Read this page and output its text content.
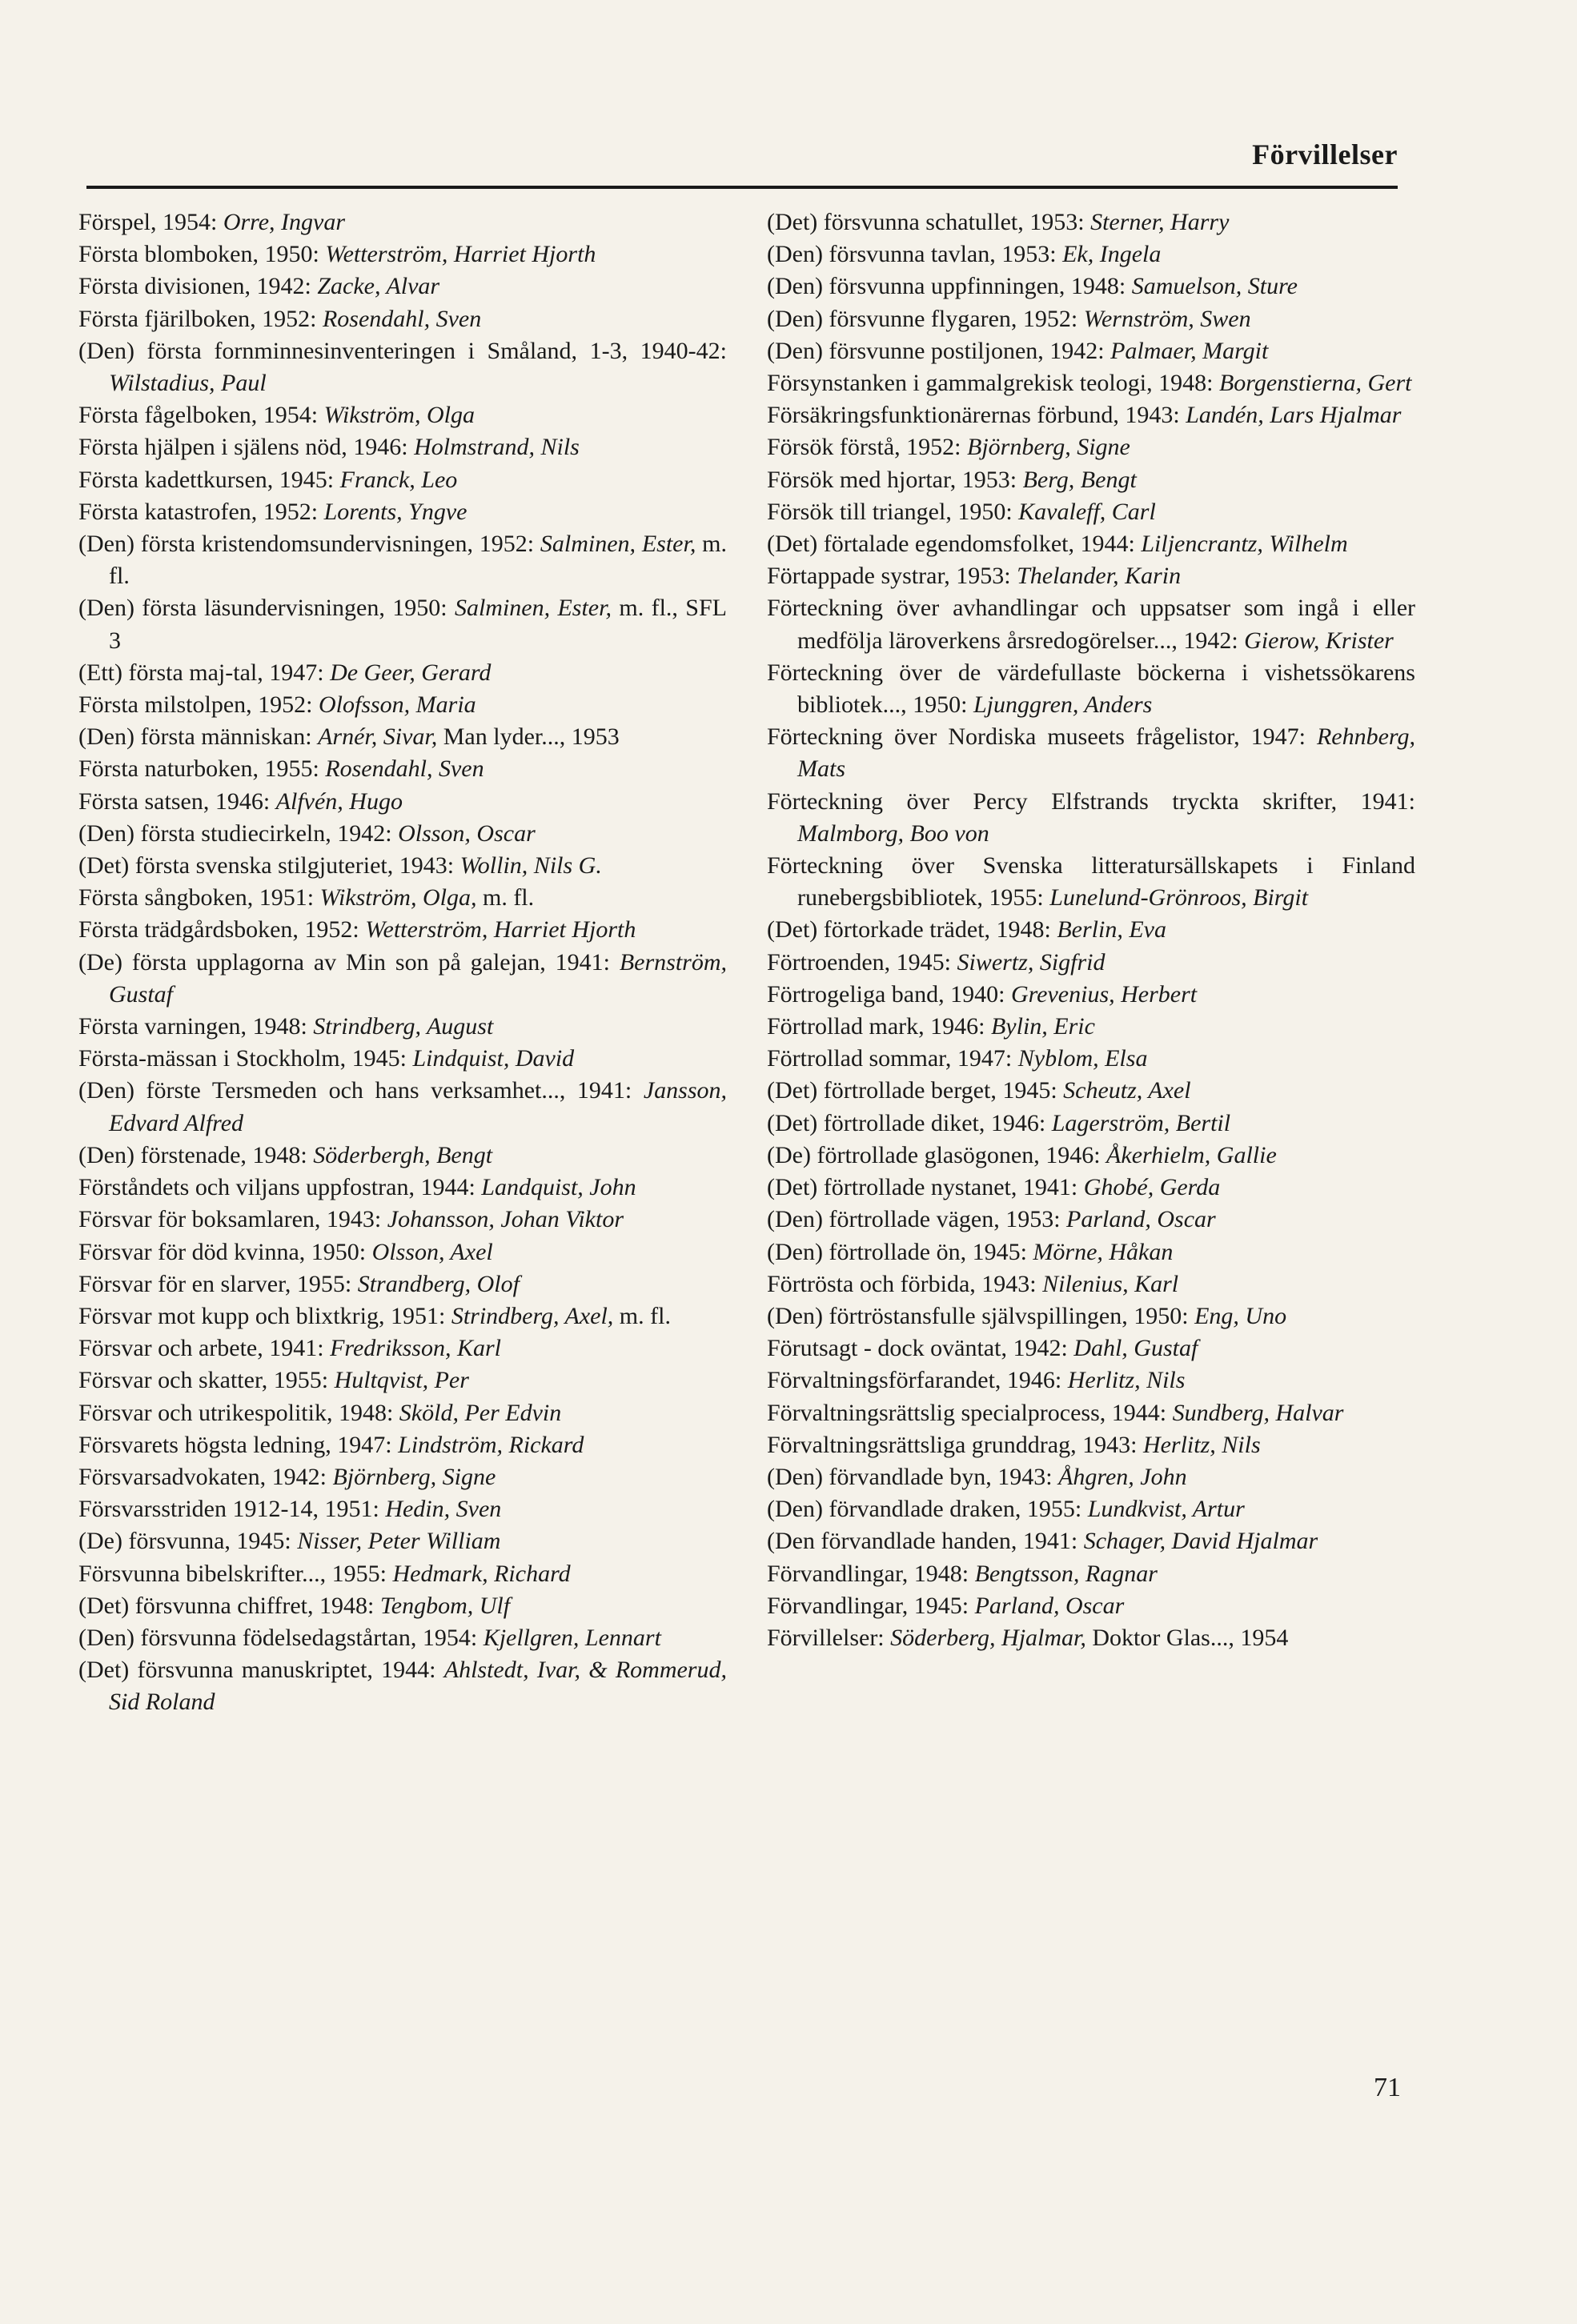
Förvillelser
Förspel, 1954: Orre, Ingvar
Första blomboken, 1950: Wetterström, Harriet Hjorth
Första divisionen, 1942: Zacke, Alvar
Första fjärilboken, 1952: Rosendahl, Sven
(Den) första fornminnesinventeringen i Småland, 1-3, 1940-42: Wilstadius, Paul
Första fågelboken, 1954: Wikström, Olga
Första hjälpen i själens nöd, 1946: Holmstrand, Nils
Första kadettkursen, 1945: Franck, Leo
Första katastrofen, 1952: Lorents, Yngve
(Den) första kristendomsundervisningen, 1952: Salminen, Ester, m. fl.
(Den) första läsundervisningen, 1950: Salminen, Ester, m. fl., SFL 3
(Ett) första maj-tal, 1947: De Geer, Gerard
Första milstolpen, 1952: Olofsson, Maria
(Den) första människan: Arnér, Sivar, Man lyder..., 1953
Första naturboken, 1955: Rosendahl, Sven
Första satsen, 1946: Alfvén, Hugo
(Den) första studiecirkeln, 1942: Olsson, Oscar
(Det) första svenska stilgjuteriet, 1943: Wollin, Nils G.
Första sångboken, 1951: Wikström, Olga, m. fl.
Första trädgårdsboken, 1952: Wetterström, Harriet Hjorth
(De) första upplagorna av Min son på galejan, 1941: Bernström, Gustaf
Första varningen, 1948: Strindberg, August
Första-mässan i Stockholm, 1945: Lindquist, David
(Den) förste Tersmeden och hans verksamhet..., 1941: Jansson, Edvard Alfred
(Den) förstenade, 1948: Söderbergh, Bengt
Förståndets och viljans uppfostran, 1944: Landquist, John
Försvar för boksamlaren, 1943: Johansson, Johan Viktor
Försvar för död kvinna, 1950: Olsson, Axel
Försvar för en slarver, 1955: Strandberg, Olof
Försvar mot kupp och blixtkrig, 1951: Strindberg, Axel, m. fl.
Försvar och arbete, 1941: Fredriksson, Karl
Försvar och skatter, 1955: Hultqvist, Per
Försvar och utrikespolitik, 1948: Sköld, Per Edvin
Försvarets högsta ledning, 1947: Lindström, Rickard
Försvarsadvokaten, 1942: Björnberg, Signe
Försvarsstriden 1912-14, 1951: Hedin, Sven
(De) försvunna, 1945: Nisser, Peter William
Försvunna bibelskrifter..., 1955: Hedmark, Richard
(Det) försvunna chiffret, 1948: Tengbom, Ulf
(Den) försvunna födelsedagstårtan, 1954: Kjellgren, Lennart
(Det) försvunna manuskriptet, 1944: Ahlstedt, Ivar, & Rommerud, Sid Roland
(Det) försvunna schatullet, 1953: Sterner, Harry
(Den) försvunna tavlan, 1953: Ek, Ingela
(Den) försvunna uppfinningen, 1948: Samuelson, Sture
(Den) försvunne flygaren, 1952: Wernström, Swen
(Den) försvunne postiljonen, 1942: Palmaer, Margit
Försynstanken i gammalgrekisk teologi, 1948: Borgenstierna, Gert
Försäkringsfunktionärernas förbund, 1943: Landén, Lars Hjalmar
Försök förstå, 1952: Björnberg, Signe
Försök med hjortar, 1953: Berg, Bengt
Försök till triangel, 1950: Kavaleff, Carl
(Det) förtalade egendomsfolket, 1944: Liljencrantz, Wilhelm
Förtappade systrar, 1953: Thelander, Karin
Förteckning över avhandlingar och uppsatser som ingå i eller medfölja läroverkens årsredogörelser..., 1942: Gierow, Krister
Förteckning över de värdefullaste böckerna i vishetssökarens bibliotek..., 1950: Ljunggren, Anders
Förteckning över Nordiska museets frågelistor, 1947: Rehnberg, Mats
Förteckning över Percy Elfstrands tryckta skrifter, 1941: Malmborg, Boo von
Förteckning över Svenska litteratursällskapets i Finland runebergsbibliotek, 1955: Lunelund-Grönroos, Birgit
(Det) förtorkade trädet, 1948: Berlin, Eva
Förtroenden, 1945: Siwertz, Sigfrid
Förtrogeliga band, 1940: Grevenius, Herbert
Förtrollad mark, 1946: Bylin, Eric
Förtrollad sommar, 1947: Nyblom, Elsa
(Det) förtrollade berget, 1945: Scheutz, Axel
(Det) förtrollade diket, 1946: Lagerström, Bertil
(De) förtrollade glasögonen, 1946: Åkerhielm, Gallie
(Det) förtrollade nystanet, 1941: Ghobé, Gerda
(Den) förtrollade vägen, 1953: Parland, Oscar
(Den) förtrollade ön, 1945: Mörne, Håkan
Förtrösta och förbida, 1943: Nilenius, Karl
(Den) förtröstansfulle självspillingen, 1950: Eng, Uno
Förutsagt - dock oväntat, 1942: Dahl, Gustaf
Förvaltningsförfarandet, 1946: Herlitz, Nils
Förvaltningsrättslig specialprocess, 1944: Sundberg, Halvar
Förvaltningsrättsliga grunddrag, 1943: Herlitz, Nils
(Den) förvandlade byn, 1943: Åhgren, John
(Den) förvandlade draken, 1955: Lundkvist, Artur
(Den förvandlade handen, 1941: Schager, David Hjalmar
Förvandlingar, 1948: Bengtsson, Ragnar
Förvandlingar, 1945: Parland, Oscar
Förvillelser: Söderberg, Hjalmar, Doktor Glas..., 1954
71
